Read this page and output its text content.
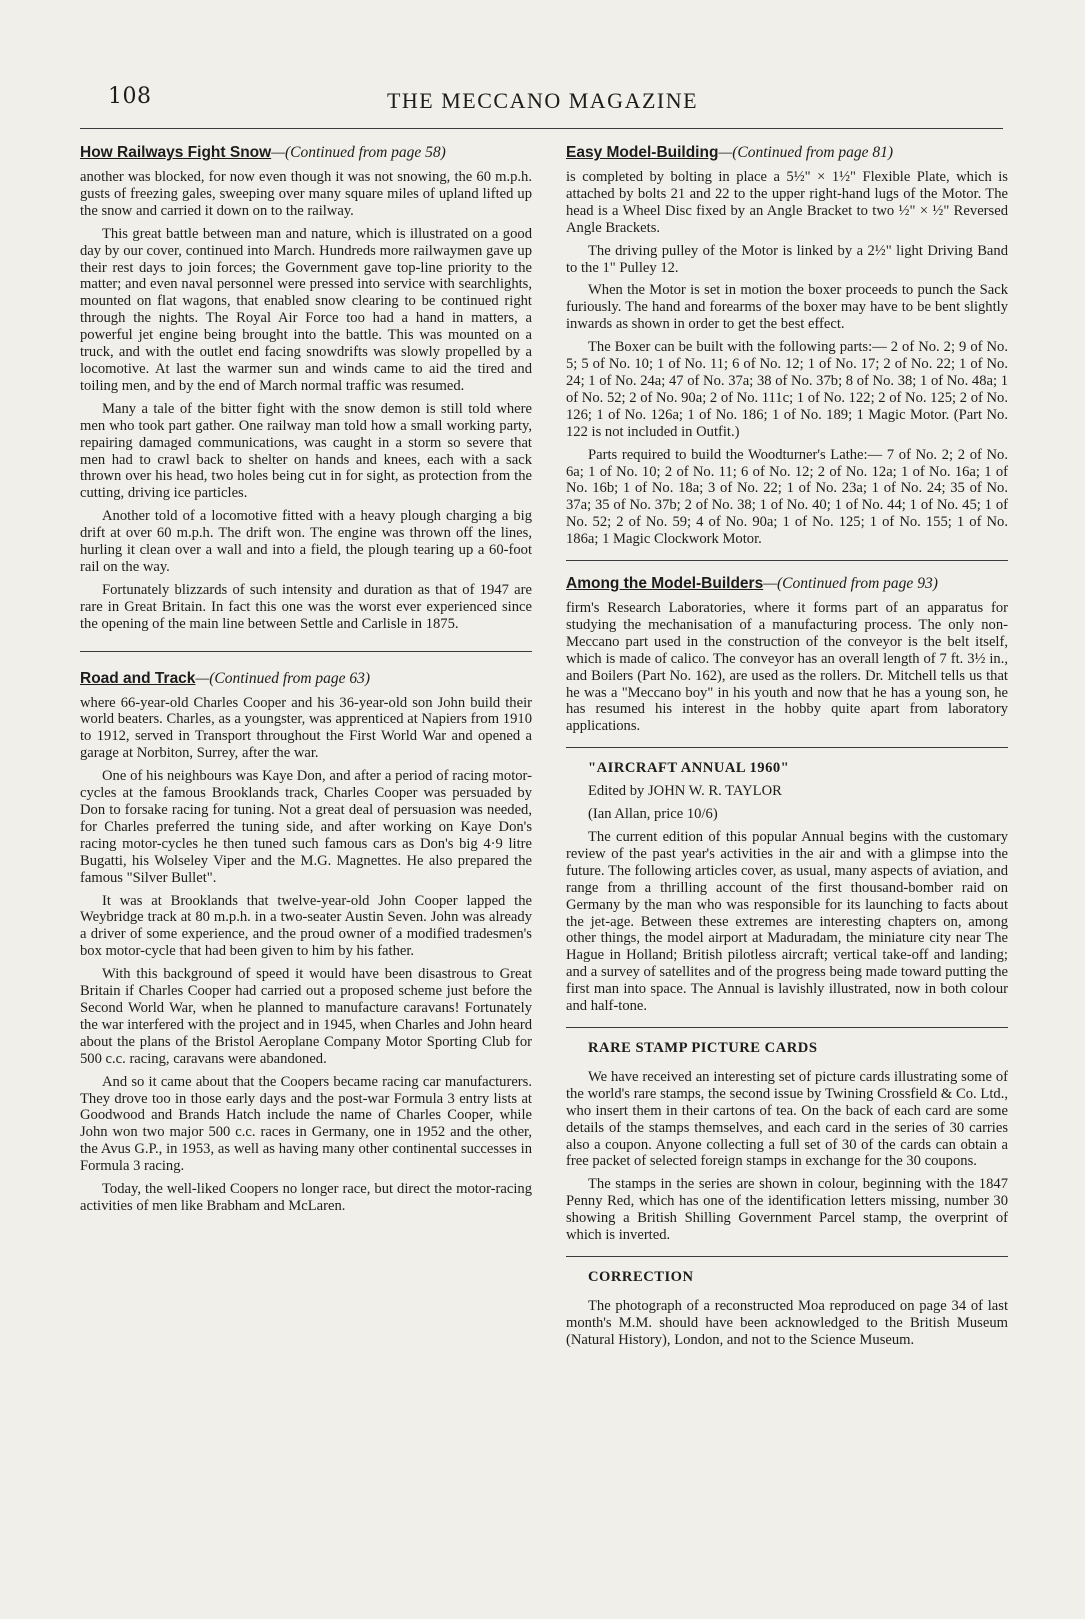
108	THE MECCANO MAGAZINE
How Railways Fight Snow—(Continued from page 58)

another was blocked, for now even though it was not snowing, the 60 m.p.h. gusts of freezing gales, sweeping over many square miles of upland lifted up the snow and carried it down on to the railway.

This great battle between man and nature, which is illustrated on a good day by our cover, continued into March. Hundreds more railwaymen gave up their rest days to join forces; the Government gave top-line priority to the matter; and even naval personnel were pressed into service with searchlights, mounted on flat wagons, that enabled snow clearing to be continued right through the nights. The Royal Air Force too had a hand in matters, a powerful jet engine being brought into the battle. This was mounted on a truck, and with the outlet end facing snowdrifts was slowly propelled by a locomotive. At last the warmer sun and winds came to aid the tired and toiling men, and by the end of March normal traffic was resumed.

Many a tale of the bitter fight with the snow demon is still told where men who took part gather. One railway man told how a small working party, repairing damaged communications, was caught in a storm so severe that men had to crawl back to shelter on hands and knees, each with a sack thrown over his head, two holes being cut in for sight, as protection from the cutting, driving ice particles.

Another told of a locomotive fitted with a heavy plough charging a big drift at over 60 m.p.h. The drift won. The engine was thrown off the lines, hurling it clean over a wall and into a field, the plough tearing up a 60-foot rail on the way.

Fortunately blizzards of such intensity and duration as that of 1947 are rare in Great Britain. In fact this one was the worst ever experienced since the opening of the main line between Settle and Carlisle in 1875.

Road and Track—(Continued from page 63)

where 66-year-old Charles Cooper and his 36-year-old son John build their world beaters. Charles, as a youngster, was apprenticed at Napiers from 1910 to 1912, served in Transport throughout the First World War and opened a garage at Norbiton, Surrey, after the war.

One of his neighbours was Kaye Don, and after a period of racing motor-cycles at the famous Brooklands track, Charles Cooper was persuaded by Don to forsake racing for tuning. Not a great deal of persuasion was needed, for Charles preferred the tuning side, and after working on Kaye Don's racing motor-cycles he then tuned such famous cars as Don's big 4·9 litre Bugatti, his Wolseley Viper and the M.G. Magnettes. He also prepared the famous "Silver Bullet".

It was at Brooklands that twelve-year-old John Cooper lapped the Weybridge track at 80 m.p.h. in a two-seater Austin Seven. John was already a driver of some experience, and the proud owner of a modified tradesmen's box motor-cycle that had been given to him by his father.

With this background of speed it would have been disastrous to Great Britain if Charles Cooper had carried out a proposed scheme just before the Second World War, when he planned to manufacture caravans! Fortunately the war interfered with the project and in 1945, when Charles and John heard about the plans of the Bristol Aeroplane Company Motor Sporting Club for 500 c.c. racing, caravans were abandoned.

And so it came about that the Coopers became racing car manufacturers. They drove too in those early days and the post-war Formula 3 entry lists at Goodwood and Brands Hatch include the name of Charles Cooper, while John won two major 500 c.c. races in Germany, one in 1952 and the other, the Avus G.P., in 1953, as well as having many other continental successes in Formula 3 racing.

Today, the well-liked Coopers no longer race, but direct the motor-racing activities of men like Brabham and McLaren.

Easy Model-Building—(Continued from page 81)

is completed by bolting in place a 5½" × 1½" Flexible Plate, which is attached by bolts 21 and 22 to the upper right-hand lugs of the Motor. The head is a Wheel Disc fixed by an Angle Bracket to two ½" × ½" Reversed Angle Brackets.

The driving pulley of the Motor is linked by a 2½" light Driving Band to the 1" Pulley 12.

When the Motor is set in motion the boxer proceeds to punch the Sack furiously. The hand and forearms of the boxer may have to be bent slightly inwards as shown in order to get the best effect.

The Boxer can be built with the following parts:— 2 of No. 2; 9 of No. 5; 5 of No. 10; 1 of No. 11; 6 of No. 12; 1 of No. 17; 2 of No. 22; 1 of No. 24; 1 of No. 24a; 47 of No. 37a; 38 of No. 37b; 8 of No. 38; 1 of No. 48a; 1 of No. 52; 2 of No. 90a; 2 of No. 111c; 1 of No. 122; 2 of No. 125; 2 of No. 126; 1 of No. 126a; 1 of No. 186; 1 of No. 189; 1 Magic Motor. (Part No. 122 is not included in Outfit.)

Parts required to build the Woodturner's Lathe:— 7 of No. 2; 2 of No. 6a; 1 of No. 10; 2 of No. 11; 6 of No. 12; 2 of No. 12a; 1 of No. 16a; 1 of No. 16b; 1 of No. 18a; 3 of No. 22; 1 of No. 23a; 1 of No. 24; 35 of No. 37a; 35 of No. 37b; 2 of No. 38; 1 of No. 40; 1 of No. 44; 1 of No. 45; 1 of No. 52; 2 of No. 59; 4 of No. 90a; 1 of No. 125; 1 of No. 155; 1 of No. 186a; 1 Magic Clockwork Motor.

Among the Model-Builders—(Continued from page 93)

firm's Research Laboratories, where it forms part of an apparatus for studying the mechanisation of a manufacturing process. The only non-Meccano part used in the construction of the conveyor is the belt itself, which is made of calico. The conveyor has an overall length of 7 ft. 3½ in., and Boilers (Part No. 162), are used as the rollers. Dr. Mitchell tells us that he was a "Meccano boy" in his youth and now that he has a young son, he has resumed his interest in the hobby quite apart from laboratory applications.

"AIRCRAFT ANNUAL 1960"

Edited by JOHN W. R. TAYLOR

(Ian Allan, price 10/6)

The current edition of this popular Annual begins with the customary review of the past year's activities in the air and with a glimpse into the future. The following articles cover, as usual, many aspects of aviation, and range from a thrilling account of the first thousand-bomber raid on Germany by the man who was responsible for its launching to facts about the jet-age. Between these extremes are interesting chapters on, among other things, the model airport at Maduradam, the miniature city near The Hague in Holland; British pilotless aircraft; vertical take-off and landing; and a survey of satellites and of the progress being made toward putting the first man into space. The Annual is lavishly illustrated, now in both colour and half-tone.

RARE STAMP PICTURE CARDS

We have received an interesting set of picture cards illustrating some of the world's rare stamps, the second issue by Twining Crossfield & Co. Ltd., who insert them in their cartons of tea. On the back of each card are some details of the stamps themselves, and each card in the series of 30 carries also a coupon. Anyone collecting a full set of 30 of the cards can obtain a free packet of selected foreign stamps in exchange for the 30 coupons.

The stamps in the series are shown in colour, beginning with the 1847 Penny Red, which has one of the identification letters missing, number 30 showing a British Shilling Government Parcel stamp, the overprint of which is inverted.

CORRECTION

The photograph of a reconstructed Moa reproduced on page 34 of last month's M.M. should have been acknowledged to the British Museum (Natural History), London, and not to the Science Museum.
